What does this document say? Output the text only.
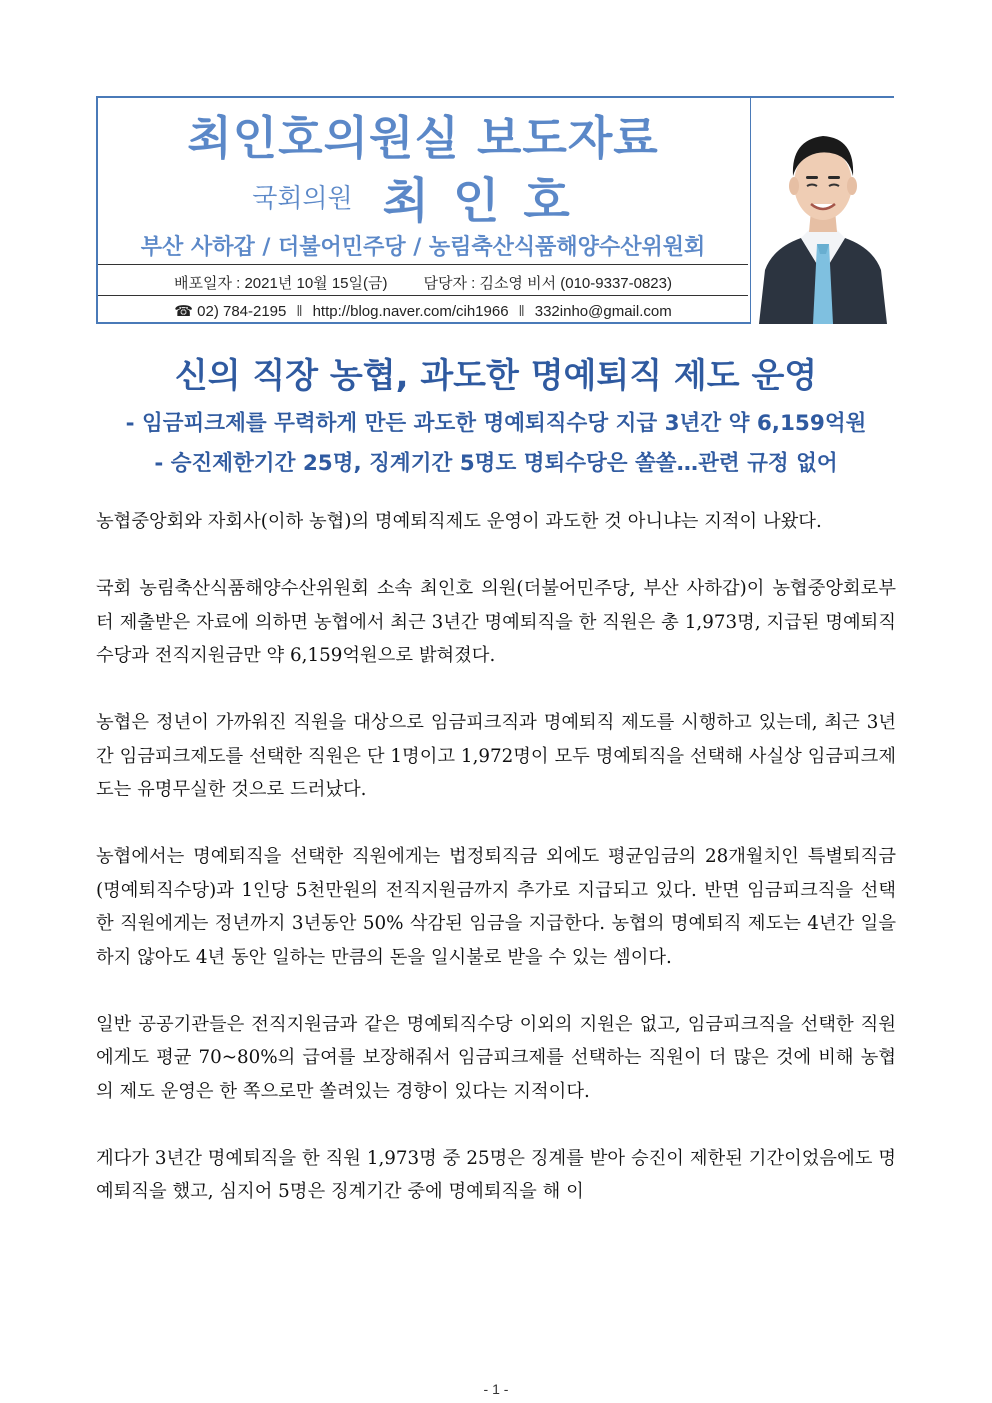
최인호의원실 보도자료
국회의원 최인호
부산 사하갑 / 더불어민주당 / 농림축산식품해양수산위원회
배포일자 : 2021년 10월 15일(금) 담당자 : 김소영 비서 (010-9337-0823)
☎ 02) 784-2195 ‖ http://blog.naver.com/cih1966 ‖ 332inho@gmail.com
신의 직장 농협, 과도한 명예퇴직 제도 운영
- 임금피크제를 무력하게 만든 과도한 명예퇴직수당 지급 3년간 약 6,159억원
- 승진제한기간 25명, 징계기간 5명도 명퇴수당은 쏠쏠…관련 규정 없어

농협중앙회와 자회사(이하 농협)의 명예퇴직제도 운영이 과도한 것 아니냐는 지적이 나왔다.

국회 농림축산식품해양수산위원회 소속 최인호 의원(더불어민주당, 부산 사하갑)이 농협중앙회로부터 제출받은 자료에 의하면 농협에서 최근 3년간 명예퇴직을 한 직원은 총 1,973명, 지급된 명예퇴직수당과 전직지원금만 약 6,159억원으로 밝혀졌다.

농협은 정년이 가까워진 직원을 대상으로 임금피크직과 명예퇴직 제도를 시행하고 있는데, 최근 3년간 임금피크제도를 선택한 직원은 단 1명이고 1,972명이 모두 명예퇴직을 선택해 사실상 임금피크제도는 유명무실한 것으로 드러났다.

농협에서는 명예퇴직을 선택한 직원에게는 법정퇴직금 외에도 평균임금의 28개월치인 특별퇴직금(명예퇴직수당)과 1인당 5천만원의 전직지원금까지 추가로 지급되고 있다. 반면 임금피크직을 선택한 직원에게는 정년까지 3년동안 50% 삭감된 임금을 지급한다. 농협의 명예퇴직 제도는 4년간 일을 하지 않아도 4년 동안 일하는 만큼의 돈을 일시불로 받을 수 있는 셈이다.

일반 공공기관들은 전직지원금과 같은 명예퇴직수당 이외의 지원은 없고, 임금피크직을 선택한 직원에게도 평균 70~80%의 급여를 보장해줘서 임금피크제를 선택하는 직원이 더 많은 것에 비해 농협의 제도 운영은 한 쪽으로만 쏠려있는 경향이 있다는 지적이다.

게다가 3년간 명예퇴직을 한 직원 1,973명 중 25명은 징계를 받아 승진이 제한된 기간이었음에도 명예퇴직을 했고, 심지어 5명은 징계기간 중에 명예퇴직을 해 이

- 1 -
